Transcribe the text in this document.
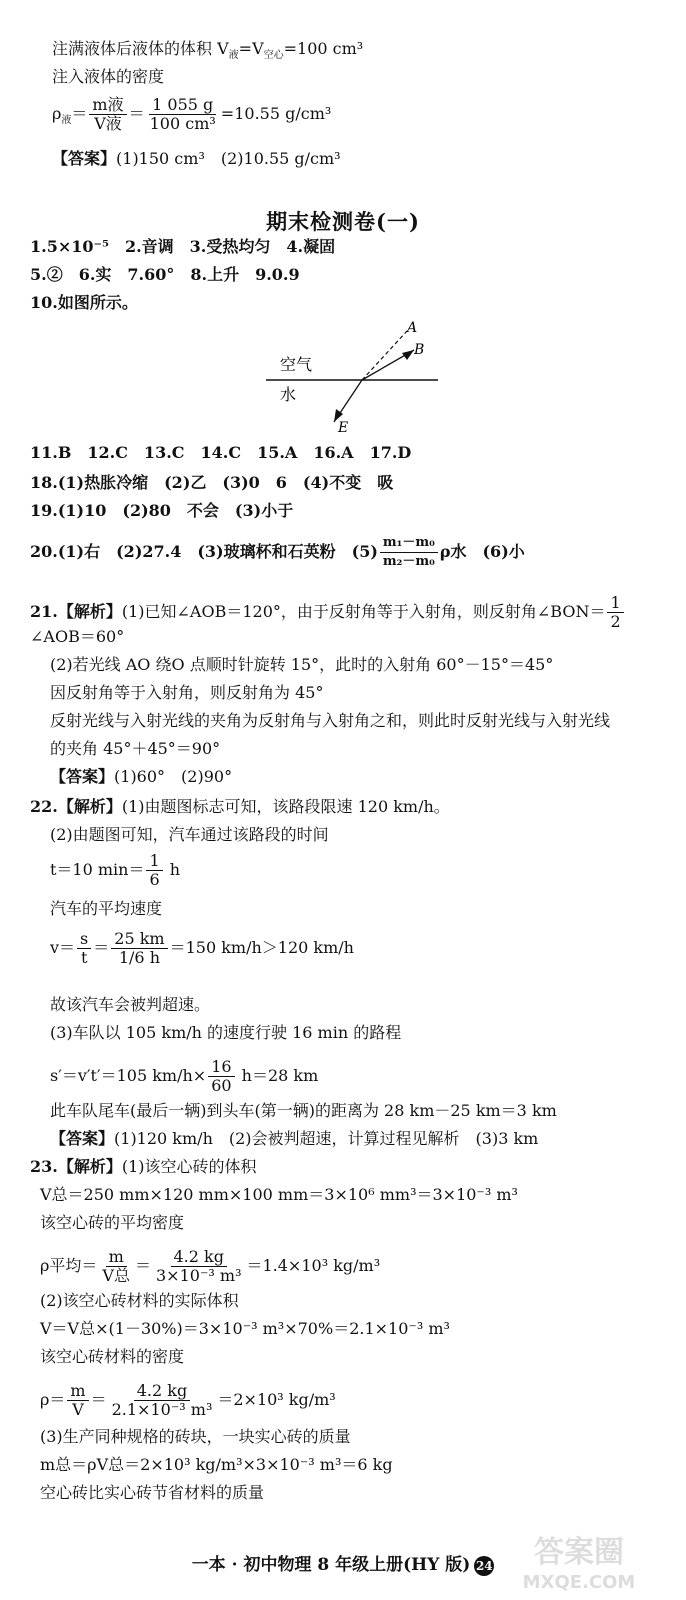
注满液体后液体的体积 $V_液=V_{空心}=100$ cm³
注入液体的密度
$\rho_液= \frac{\text{m液}}{\text{V液}} = \frac{1 055 g}{\text{100 cm³}} =10.55$ g/cm³
【答案】(1)150 cm³　(2)10.55 g/cm³
期末检测卷(一)
1.5×10⁻⁵　2.音调　3.受热均匀　4.凝固
5.②　6.实　7.60°　8.上升　9.0.9
10.如图所示。
空气
水
A
B
E
11.B　12.C　13.C　14.C　15.A　16.A　17.D
18.(1)热胀冷缩　(2)乙　(3)0　6　(4)不变　吸
19.(1)10　(2)80　不会　(3)小于
20.(1)右　(2)27.4　(3)玻璃杯和石英粉　$(5) \frac{\text{m₁－m₀}}{\text{m₂－m₀}}$ ρ水　 (6)小
21.【解析】(1)已知∠AOB＝120°，由于反射角等于入射角，则反射角∠BON＝ $\frac{1}{2}$
∠AOB＝60°
(2)若光线 AO 绕O 点顺时针旋转 15°，此时的入射角 60°－15°＝45°
因反射角等于入射角，则反射角为 45°
反射光线与入射光线的夹角为反射角与入射角之和，则此时反射光线与入射光线
的夹角 45°＋45°＝90°
【答案】(1)60°　(2)90°
22.【解析】(1)由题图标志可知，该路段限速 120 km/h。
(2)由题图可知，汽车通过该路段的时间
t＝10 $\min= \frac{1}{6}$ h
汽车的平均速度
$v= \frac{s}{t} = \frac{25 km}{1/6 h} =150$ km/h＞120 km/h
故该汽车会被判超速。
(3)车队以 105 km/h 的速度行驶 16 min 的路程
s′＝v′t′＝105 $km/h\times \frac{16}{60} h=28$ km
此车队尾车(最后一辆)到头车(第一辆)的距离为 28 km－25 km＝3 km
【答案】(1)120 km/h　(2)会被判超速，计算过程见解析　(3)3 km
23.【解析】(1)该空心砖的体积
V总＝250 mm×120 mm×100 mm＝3×10⁶ mm³＝3×10⁻³ m³
该空心砖的平均密度
ρ平均＝ $\frac{m}{\text{V总}} = \frac{4.2 kg}{\text{3×10⁻³ m³}} =1.4\times 10^3$ kg/m³
(2)该空心砖材料的实际体积
V＝V总×(1－30%)＝3×10⁻³ m³×70%＝2.1×10⁻³ m³
该空心砖材料的密度
$\rho= \frac{m}{V} = \frac{4.2 kg}{\text{2.1×10⁻³ m³}} =2\times 10^3$ kg/m³
(3)生产同种规格的砖块，一块实心砖的质量
m总＝ρV总＝2×10³ kg/m³×3×10⁻³ m³＝6 kg
空心砖比实心砖节省材料的质量
一本 · 初中物理 8 年级上册(HY 版) 24	答案圈
MXQE.COM
